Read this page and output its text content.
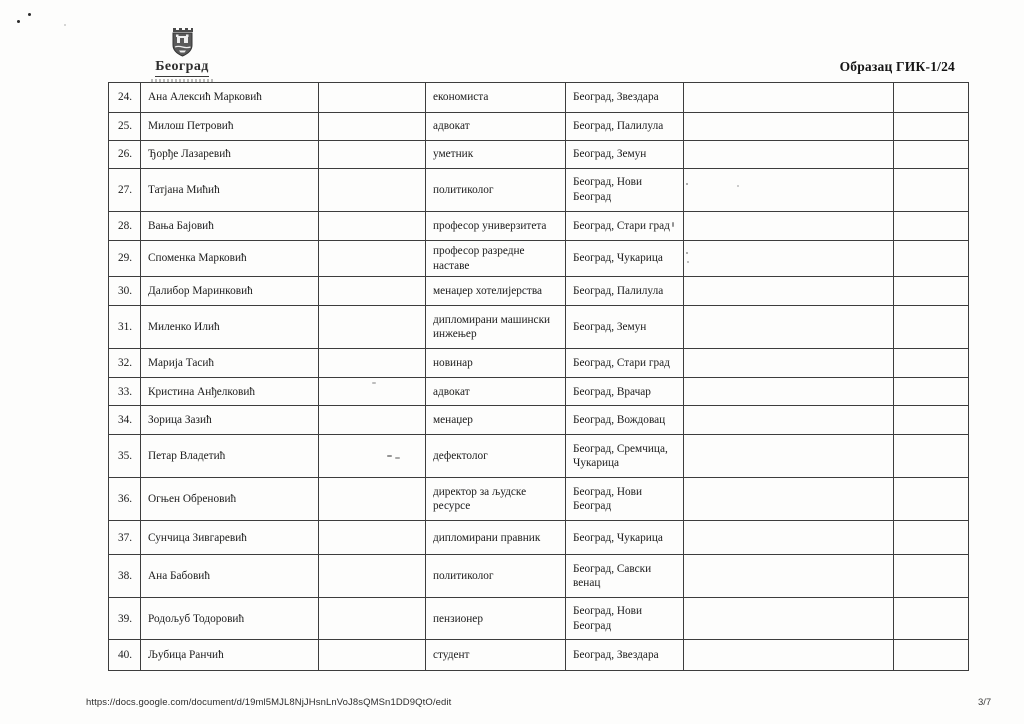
Београд	Образац ГИК-1/24
24.	Ана Алексић Марковић		економиста	Београд, Звездара		
25.	Милош Петровић		адвокат	Београд, Палилула		
26.	Ђорђе Лазаревић		уметник	Београд, Земун		
27.	Татјана Мићић		политиколог	Београд, Нови Београд		
28.	Вања Бајовић		професор универзитета	Београд, Стари град		
29.	Споменка Марковић		професор разредне наставе	Београд, Чукарица		
30.	Далибор Маринковић		менаџер хотелијерства	Београд, Палилула		
31.	Миленко Илић		дипломирани машински инжењер	Београд, Земун		
32.	Марија Тасић		новинар	Београд, Стари град		
33.	Кристина Анђелковић		адвокат	Београд, Врачар		
34.	Зорица Зазић		менаџер	Београд, Вождовац		
35.	Петар Владетић		дефектолог	Београд, Сремчица, Чукарица		
36.	Огњен Обреновић		директор за људске ресурсе	Београд, Нови Београд		
37.	Сунчица Зивгаревић		дипломирани правник	Београд, Чукарица		
38.	Ана Бабовић		политиколог	Београд, Савски венац		
39.	Родољуб Тодоровић		пензионер	Београд, Нови Београд		
40.	Љубица Ранчић		студент	Београд, Звездара		
https://docs.google.com/document/d/19ml5MJL8NjJHsnLnVoJ8sQMSn1DD9QtO/edit	3/7
